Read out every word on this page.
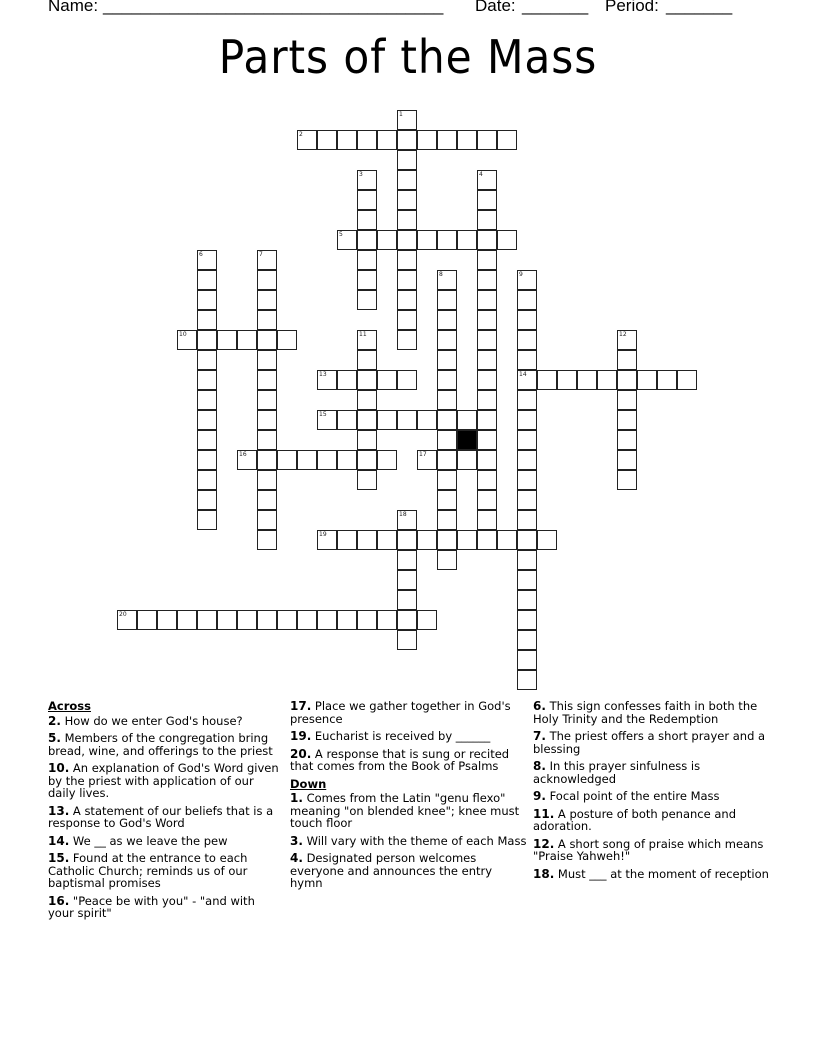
Name: ____________________________________ Date: _______ Period: _______
Parts of the Mass
1
2
3	4
5
6	7
8	9
14
10	11	12
13
15
16	17
18
19
20
Across
2. How do we enter God's house?
5. Members of the congregation bring bread, wine, and offerings to the priest
10. An explanation of God's Word given by the priest with application of our daily lives.
13. A statement of our beliefs that is a response to God's Word
14. We __ as we leave the pew
15. Found at the entrance to each Catholic Church; reminds us of our baptismal promises
16. "Peace be with you" - "and with your spirit"
17. Place we gather together in God's presence
19. Eucharist is received by ______
20. A response that is sung or recited that comes from the Book of Psalms
Down
1. Comes from the Latin "genu flexo" meaning "on blended knee"; knee must touch floor
3. Will vary with the theme of each Mass
4. Designated person welcomes everyone and announces the entry hymn
6. This sign confesses faith in both the Holy Trinity and the Redemption
7. The priest offers a short prayer and a blessing
8. In this prayer sinfulness is acknowledged
9. Focal point of the entire Mass
11. A posture of both penance and adoration.
12. A short song of praise which means "Praise Yahweh!"
18. Must ___ at the moment of reception
